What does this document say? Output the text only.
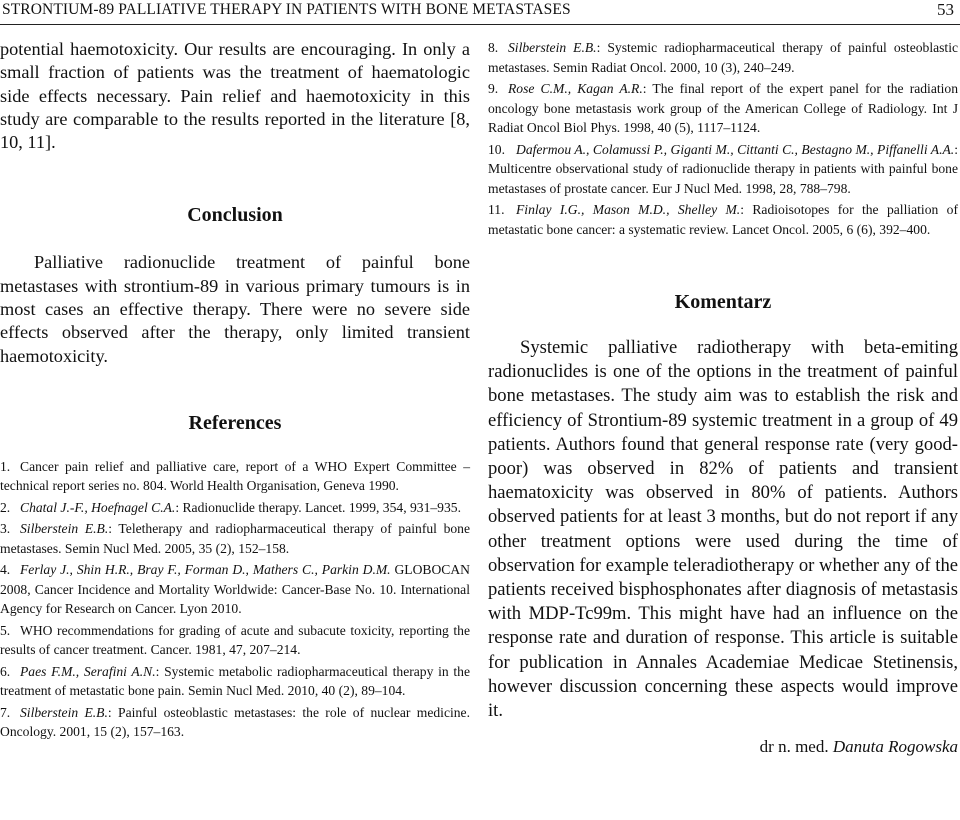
STRONTIUM-89 PALLIATIVE THERAPY IN PATIENTS WITH BONE METASTASES	53

potential haemotoxicity. Our results are encouraging. In only a small fraction of patients was the treatment of haematologic side effects necessary. Pain relief and haemotoxicity in this study are comparable to the results reported in the literature [8, 10, 11].

Conclusion

Palliative radionuclide treatment of painful bone metastases with strontium-89 in various primary tumours is in most cases an effective therapy. There were no severe side effects observed after the therapy, only limited transient haemotoxicity.

References
1. Cancer pain relief and palliative care, report of a WHO Expert Committee – technical report series no. 804. World Health Organisation, Geneva 1990.
2. Chatal J.-F., Hoefnagel C.A.: Radionuclide therapy. Lancet. 1999, 354, 931–935.
3. Silberstein E.B.: Teletherapy and radiopharmaceutical therapy of painful bone metastases. Semin Nucl Med. 2005, 35 (2), 152–158.
4. Ferlay J., Shin H.R., Bray F., Forman D., Mathers C., Parkin D.M. GLOBOCAN 2008, Cancer Incidence and Mortality Worldwide: Cancer-Base No. 10. International Agency for Research on Cancer. Lyon 2010.
5. WHO recommendations for grading of acute and subacute toxicity, reporting the results of cancer treatment. Cancer. 1981, 47, 207–214.
6. Paes F.M., Serafini A.N.: Systemic metabolic radiopharmaceutical therapy in the treatment of metastatic bone pain. Semin Nucl Med. 2010, 40 (2), 89–104.
7. Silberstein E.B.: Painful osteoblastic metastases: the role of nuclear medicine. Oncology. 2001, 15 (2), 157–163.
8. Silberstein E.B.: Systemic radiopharmaceutical therapy of painful osteoblastic metastases. Semin Radiat Oncol. 2000, 10 (3), 240–249.
9. Rose C.M., Kagan A.R.: The final report of the expert panel for the radiation oncology bone metastasis work group of the American College of Radiology. Int J Radiat Oncol Biol Phys. 1998, 40 (5), 1117–1124.
10. Dafermou A., Colamussi P., Giganti M., Cittanti C., Bestagno M., Piffanelli A.A.: Multicentre observational study of radionuclide therapy in patients with painful bone metastases of prostate cancer. Eur J Nucl Med. 1998, 28, 788–798.
11. Finlay I.G., Mason M.D., Shelley M.: Radioisotopes for the palliation of metastatic bone cancer: a systematic review. Lancet Oncol. 2005, 6 (6), 392–400.
Komentarz

Systemic palliative radiotherapy with beta-emiting radionuclides is one of the options in the treatment of painful bone metastases. The study aim was to establish the risk and efficiency of Strontium-89 systemic treatment in a group of 49 patients. Authors found that general response rate (very good-poor) was observed in 82% of patients and transient haematoxicity was observed in 80% of patients. Authors observed patients for at least 3 months, but do not report if any other treatment options were used during the time of observation for example teleradiotherapy or whether any of the patients received bisphosphonates after diagnosis of metastasis with MDP-Tc99m. This might have had an influence on the response rate and duration of response. This article is suitable for publication in Annales Academiae Medicae Stetinensis, however discussion concerning these aspects would improve it.

dr n. med. Danuta Rogowska
